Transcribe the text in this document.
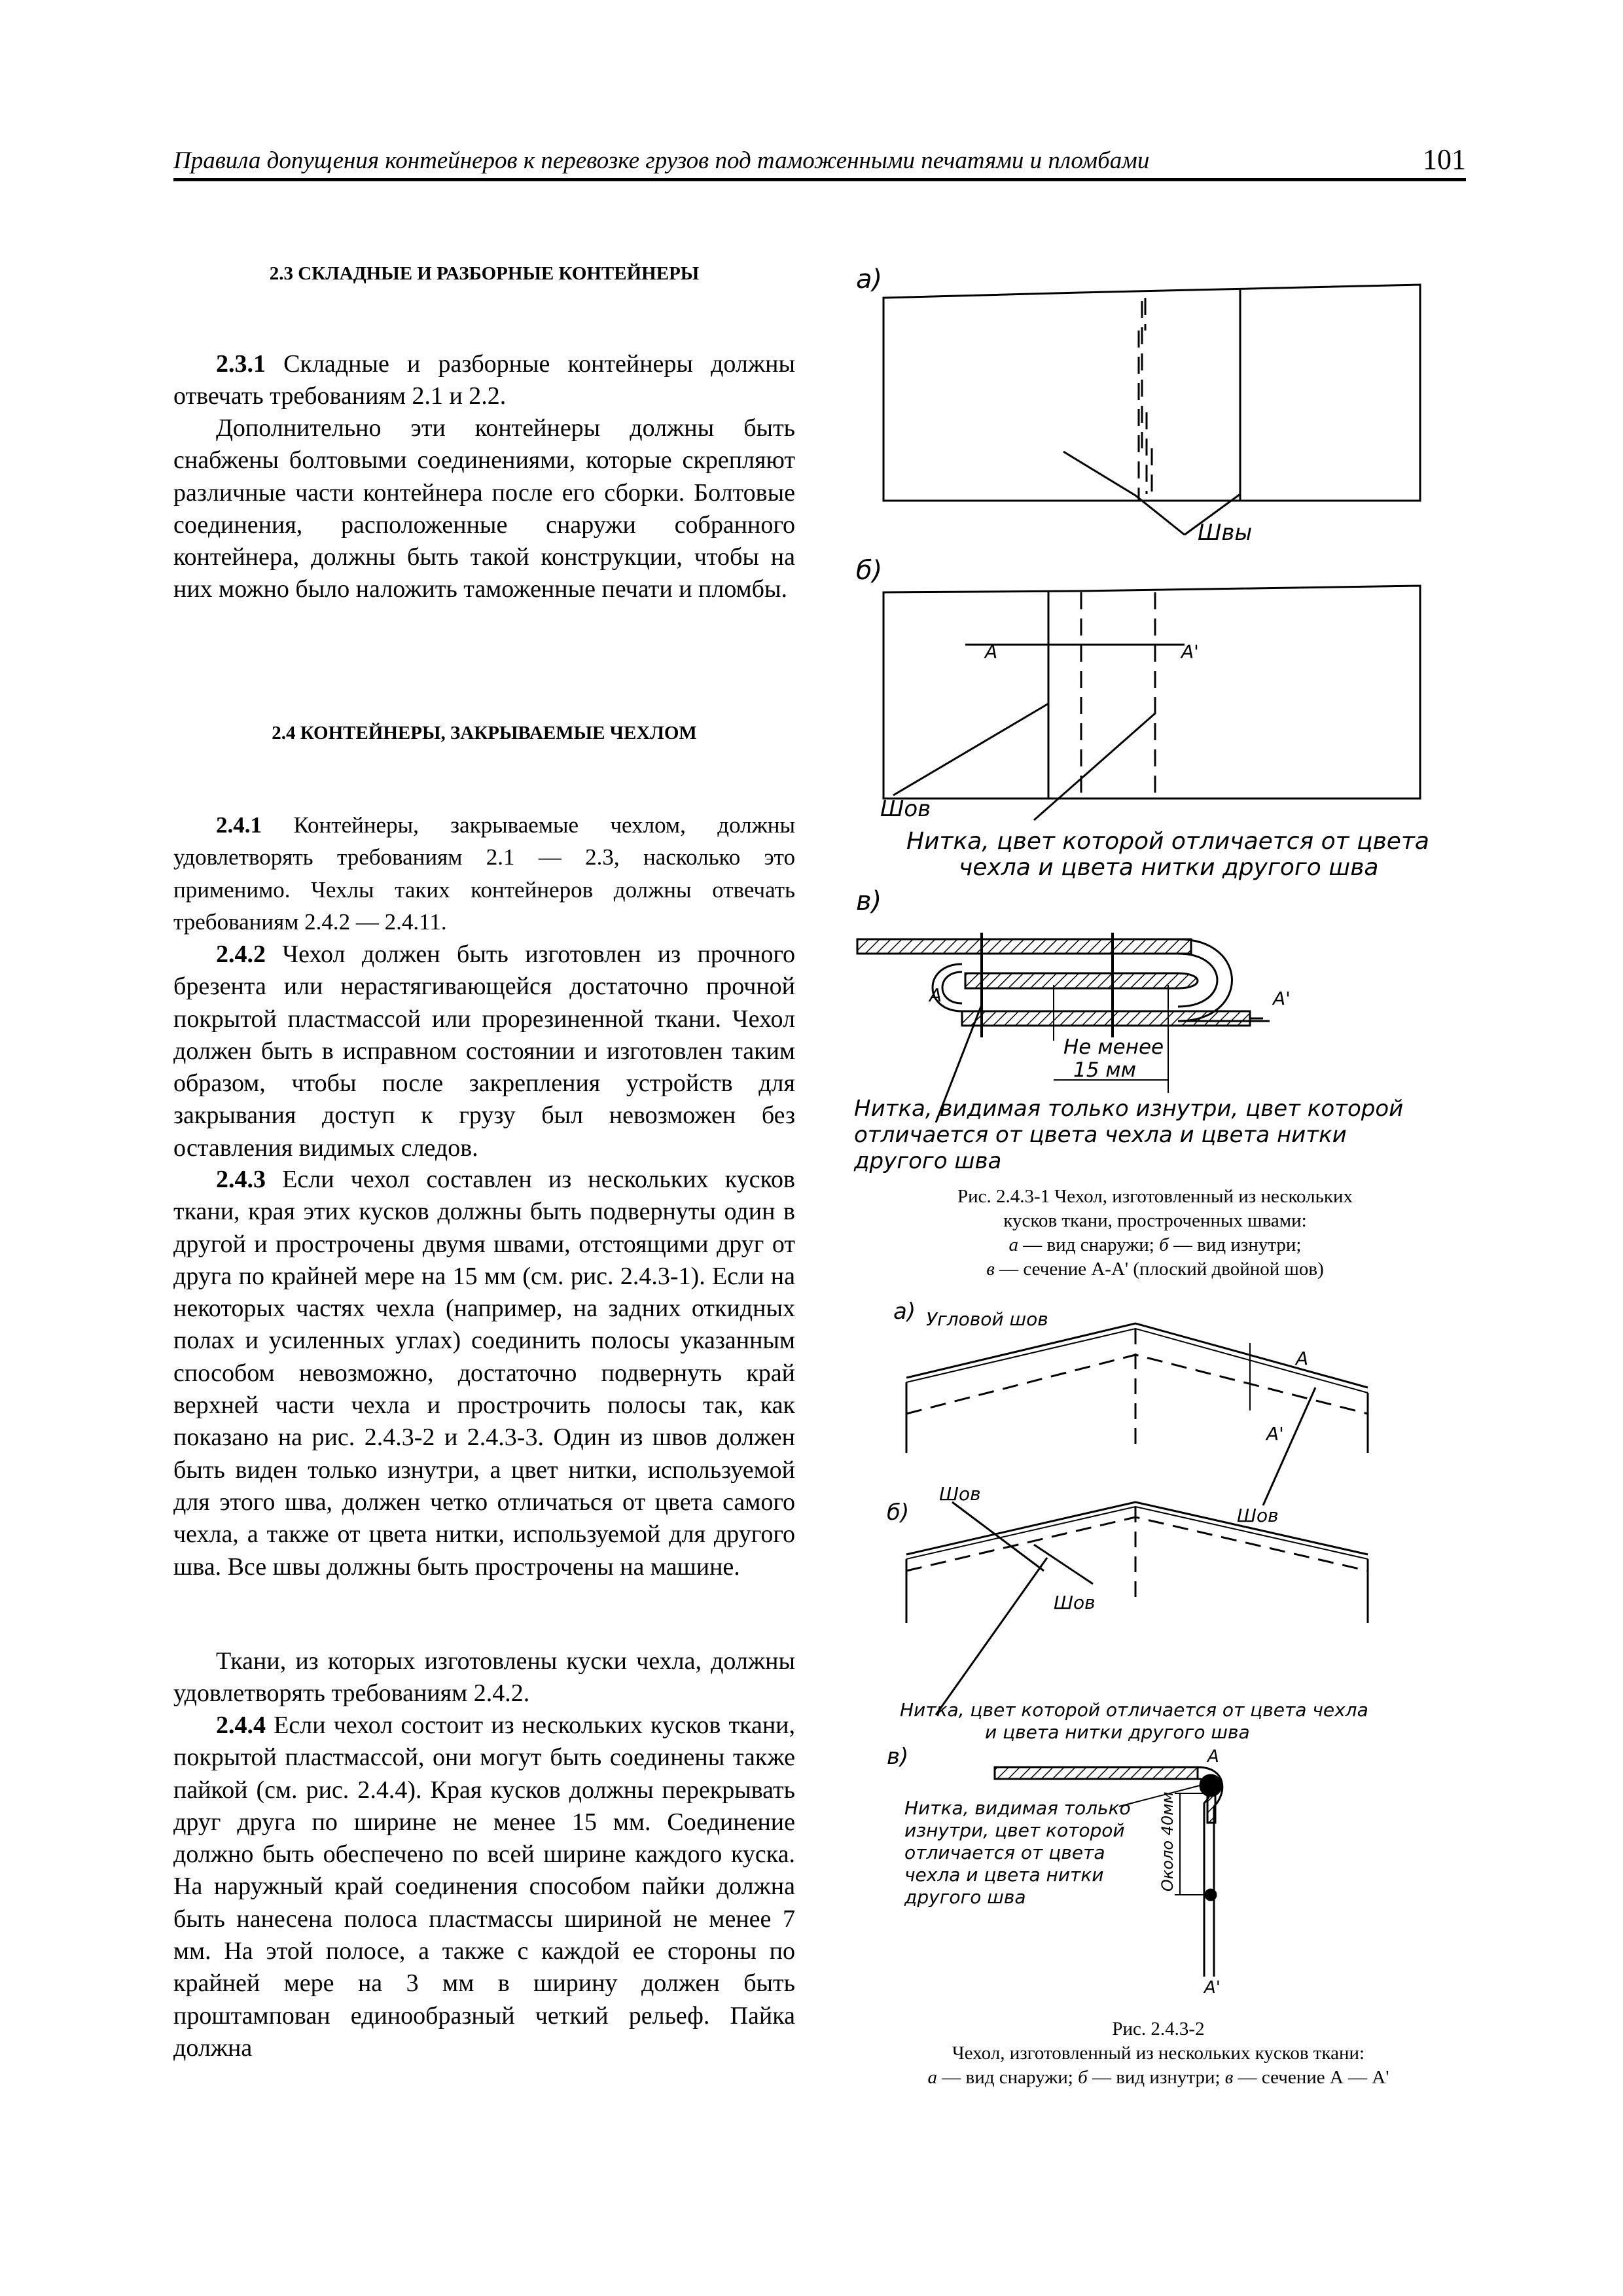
Правила допущения контейнеров к перевозке грузов под таможенными печатями и пломбами	101
2.3 СКЛАДНЫЕ И РАЗБОРНЫЕ КОНТЕЙНЕРЫ
2.3.1 Складные и разборные контейнеры должны отвечать требованиям 2.1 и 2.2.
Дополнительно эти контейнеры должны быть снабжены болтовыми соединениями, которые скрепляют различные части контейнера после его сборки. Болтовые соединения, расположенные снаружи собранного контейнера, должны быть такой конструкции, чтобы на них можно было наложить таможенные печати и пломбы.
2.4 КОНТЕЙНЕРЫ, ЗАКРЫВАЕМЫЕ ЧЕХЛОМ
2.4.1 Контейнеры, закрываемые чехлом, должны удовлетворять требованиям 2.1 — 2.3, насколько это применимо. Чехлы таких контейнеров должны отвечать требованиям 2.4.2 — 2.4.11.
2.4.2 Чехол должен быть изготовлен из прочного брезента или нерастягивающейся достаточно прочной покрытой пластмассой или прорезиненной ткани. Чехол должен быть в исправном состоянии и изготовлен таким образом, чтобы после закрепления устройств для закрывания доступ к грузу был невозможен без оставления видимых следов.
2.4.3 Если чехол составлен из нескольких кусков ткани, края этих кусков должны быть подвернуты один в другой и прострочены двумя швами, отстоящими друг от друга по крайней мере на 15 мм (см. рис. 2.4.3-1). Если на некоторых частях чехла (например, на задних откидных полах и усиленных углах) соединить полосы указанным способом невозможно, достаточно подвернуть край верхней части чехла и прострочить полосы так, как показано на рис. 2.4.3-2 и 2.4.3-3. Один из швов должен быть виден только изнутри, а цвет нитки, используемой для этого шва, должен четко отличаться от цвета самого чехла, а также от цвета нитки, используемой для другого шва. Все швы должны быть прострочены на машине.
Ткани, из которых изготовлены куски чехла, должны удовлетворять требованиям 2.4.2.
2.4.4 Если чехол состоит из нескольких кусков ткани, покрытой пластмассой, они могут быть соединены также пайкой (см. рис. 2.4.4). Края кусков должны перекрывать друг друга по ширине не менее 15 мм. Соединение должно быть обеспечено по всей ширине каждого куска. На наружный край соединения способом пайки должна быть нанесена полоса пластмассы шириной не менее 7 мм. На этой полосе, а также с каждой ее стороны по крайней мере на 3 мм в ширину должен быть проштампован единообразный четкий рельеф. Пайка должна
а)
Швы
б)
A	A'
Шов
Нитка, цвет которой отличается от цвета
чехла и цвета нитки другого шва
в)
A	A'
Не менее
15 мм
Нитка, видимая только изнутри, цвет которой
отличается от цвета чехла и цвета нитки
другого шва
Рис. 2.4.3-1 Чехол, изготовленный из нескольких
кусков ткани, простроченных швами:
а — вид снаружи; б — вид изнутри;
в — сечение А-А' (плоский двойной шов)
а) Угловой шов
A
A'
б)
Шов
Шов
Шов
Нитка, цвет которой отличается от цвета чехла
и цвета нитки другого шва
в)	A
A'
Нитка, видимая только
изнутри, цвет которой
отличается от цвета
чехла и цвета нитки
другого шва
Около 40мм
Рис. 2.4.3-2
Чехол, изготовленный из нескольких кусков ткани:
а — вид снаружи; б — вид изнутри; в — сечение А — А'
